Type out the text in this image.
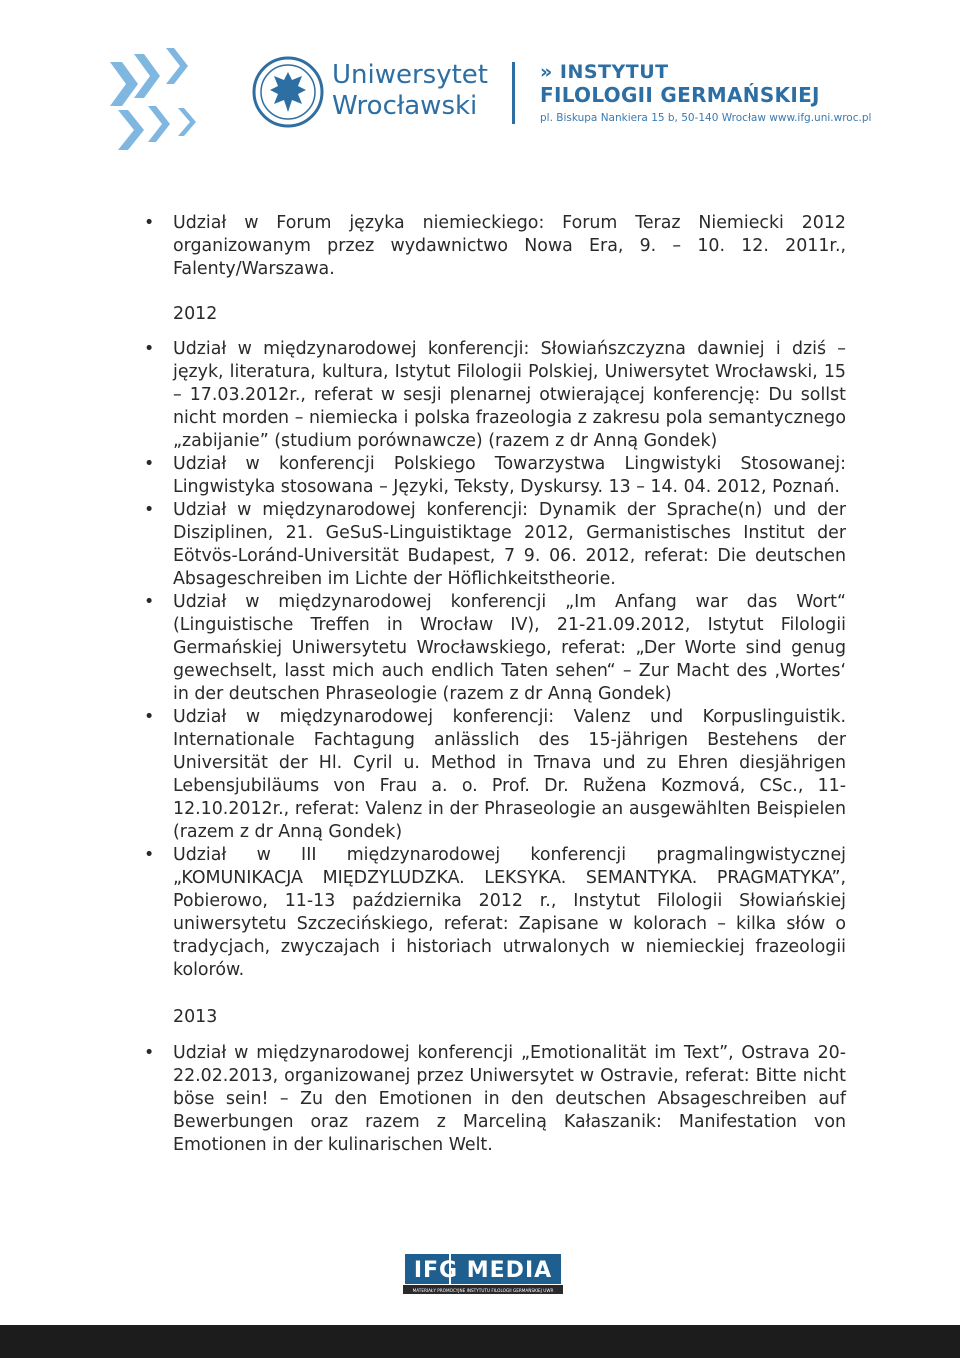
Uniwersytet
Wrocławski
» INSTYTUT
FILOLOGII GERMAŃSKIEJ
pl. Biskupa Nankiera 15 b, 50-140 Wrocław www.ifg.uni.wroc.pl
• Udział w Forum języka niemieckiego: Forum Teraz Niemiecki 2012 organizowanym przez wydawnictwo Nowa Era, 9. – 10. 12. 2011r., Falenty/Warszawa.
2012
• Udział w międzynarodowej konferencji: Słowiańszczyzna dawniej i dziś – język, literatura, kultura, Istytut Filologii Polskiej, Uniwersytet Wrocławski, 15 – 17.03.2012r., referat w sesji plenarnej otwierającej konferencję: Du sollst nicht morden – niemiecka i polska frazeologia z zakresu pola semantycznego „zabijanie” (studium porównawcze) (razem z dr Anną Gondek)
• Udział w konferencji Polskiego Towarzystwa Lingwistyki Stosowanej: Lingwistyka stosowana – Języki, Teksty, Dyskursy. 13 – 14. 04. 2012, Poznań.
• Udział w międzynarodowej konferencji: Dynamik der Sprache(n) und der Disziplinen, 21. GeSuS-Linguistiktage 2012, Germanistisches Institut der Eötvös-Loránd-Universität Budapest, 7 9. 06. 2012, referat: Die deutschen Absageschreiben im Lichte der Höflichkeitstheorie.
• Udział w międzynarodowej konferencji „Im Anfang war das Wort“ (Linguistische Treffen in Wrocław IV), 21-21.09.2012, Istytut Filologii Germańskiej Uniwersytetu Wrocławskiego, referat: „Der Worte sind genug gewechselt, lasst mich auch endlich Taten sehen“ – Zur Macht des ‚Wortes‘ in der deutschen Phraseologie (razem z dr Anną Gondek)
• Udział w międzynarodowej konferencji: Valenz und Korpuslinguistik. Internationale Fachtagung anlässlich des 15-jährigen Bestehens der Universität der Hl. Cyril u. Method in Trnava und zu Ehren diesjährigen Lebensjubiläums von Frau a. o. Prof. Dr. Ružena Kozmová, CSc., 11-12.10.2012r., referat: Valenz in der Phraseologie an ausgewählten Beispielen (razem z dr Anną Gondek)
• Udział w III międzynarodowej konferencji pragmalingwistycznej „KOMUNIKACJA MIĘDZYLUDZKA. LEKSYKA. SEMANTYKA. PRAGMATYKA”, Pobierowo, 11-13 października 2012 r., Instytut Filologii Słowiańskiej uniwersytetu Szczecińskiego, referat: Zapisane w kolorach – kilka słów o tradycjach, zwyczajach i historiach utrwalonych w niemieckiej frazeologii kolorów.
2013
• Udział w międzynarodowej konferencji „Emotionalität im Text”, Ostrava 20-22.02.2013, organizowanej przez Uniwersytet w Ostravie, referat: Bitte nicht böse sein! – Zu den Emotionen in den deutschen Absageschreiben auf Bewerbungen oraz razem z Marceliną Kałaszanik: Manifestation von Emotionen in der kulinarischen Welt.
IFG MEDIA
MATERIAŁY PROMOCYJNE INSTYTUTU FILOLOGII GERMAŃSKIEJ UWR
